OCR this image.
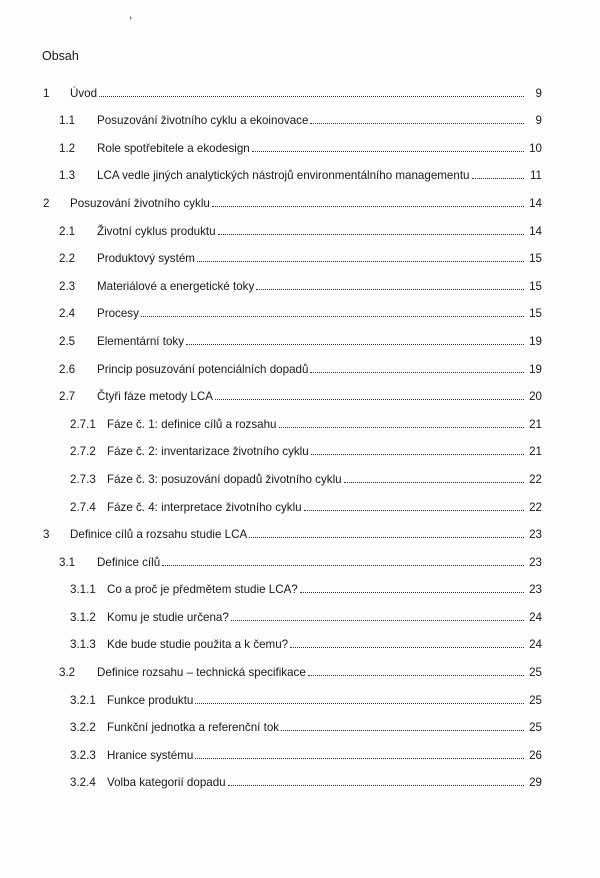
,
Obsah
1 Úvod	9
1.1 Posuzování životního cyklu a ekoinovace	9
1.2 Role spotřebitele a ekodesign	10
1.3 LCA vedle jiných analytických nástrojů environmentálního managementu	11
2 Posuzování životního cyklu	14
2.1 Životní cyklus produktu	14
2.2 Produktový systém	15
2.3 Materiálové a energetické toky	15
2.4 Procesy	15
2.5 Elementární toky	19
2.6 Princip posuzování potenciálních dopadů	19
2.7 Čtyři fáze metody LCA	20
2.7.1 Fáze č. 1: definice cílů a rozsahu	21
2.7.2 Fáze č. 2: inventarizace životního cyklu	21
2.7.3 Fáze č. 3: posuzování dopadů životního cyklu	22
2.7.4 Fáze č. 4: interpretace životního cyklu	22
3 Definice cílů a rozsahu studie LCA	23
3.1 Definice cílů	23
3.1.1 Co a proč je předmětem studie LCA?	23
3.1.2 Komu je studie určena?	24
3.1.3 Kde bude studie použita a k čemu?	24
3.2 Definice rozsahu – technická specifikace	25
3.2.1 Funkce produktu	25
3.2.2 Funkční jednotka a referenční tok	25
3.2.3 Hranice systému	26
3.2.4 Volba kategorií dopadu	29
